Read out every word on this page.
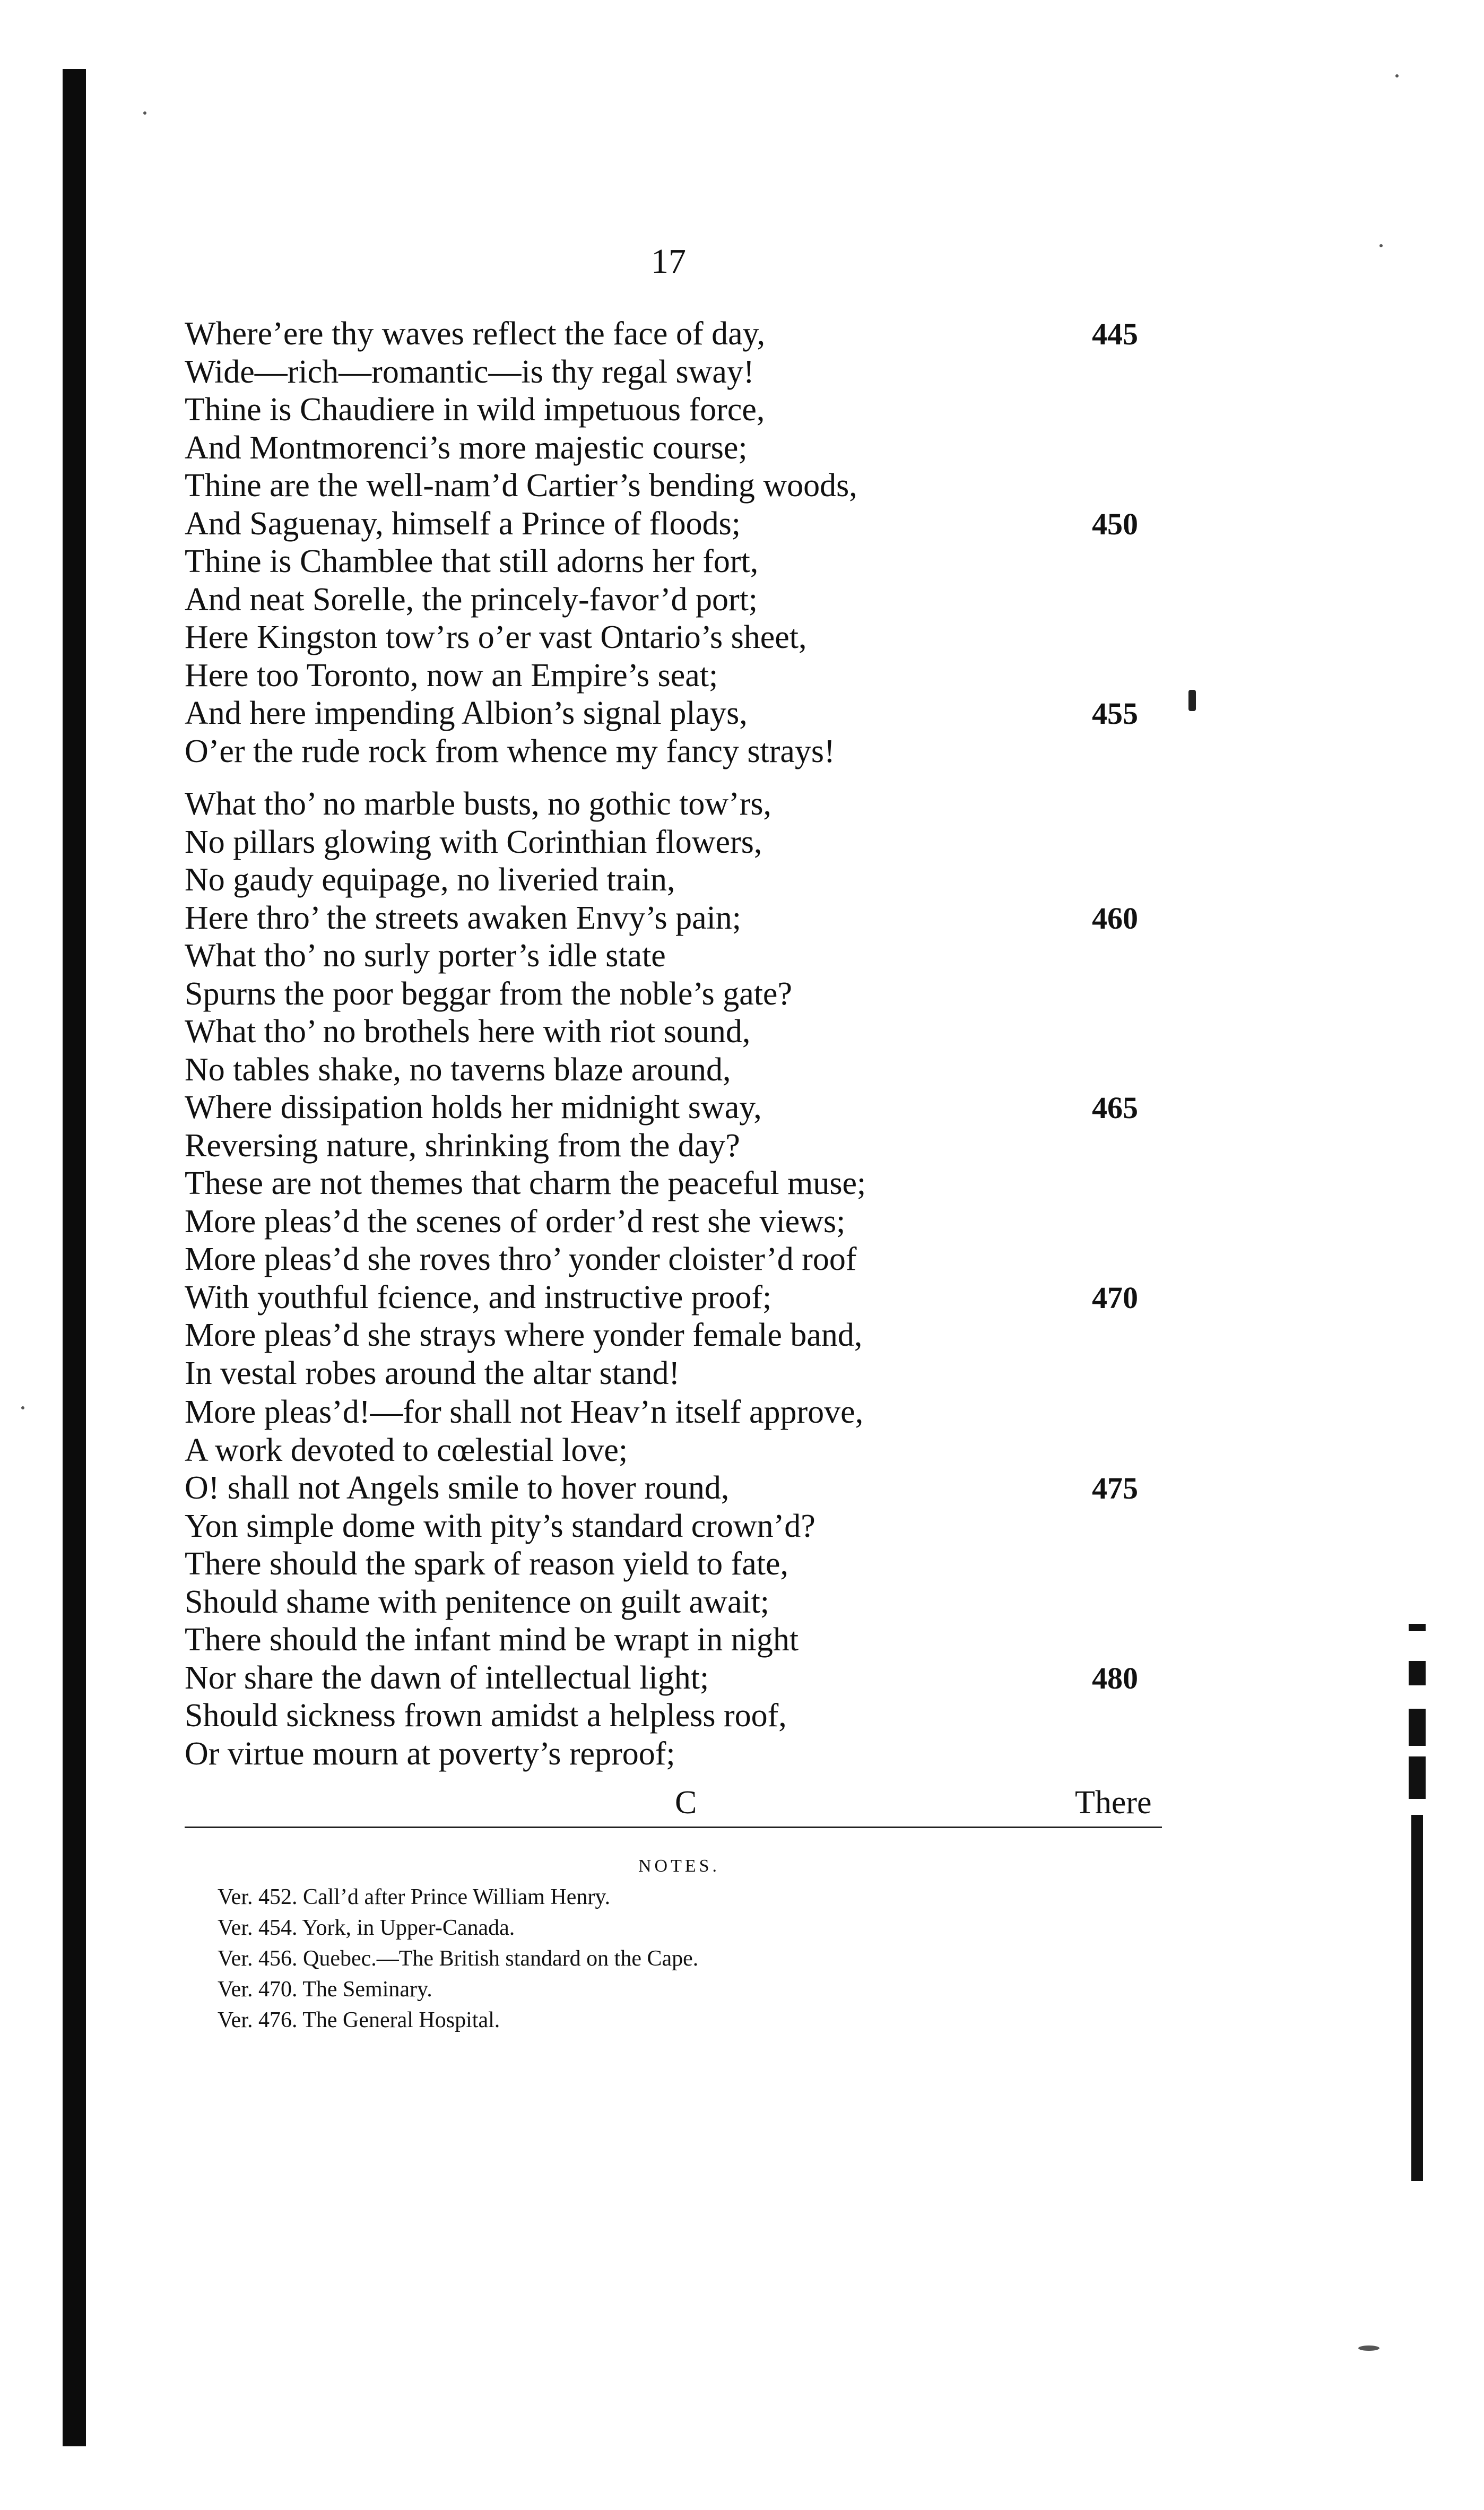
17
Where’ere thy waves reflect the face of day,	445
Wide—rich—romantic—is thy regal sway!
Thine is Chaudiere in wild impetuous force,
And Montmorenci’s more majestic course;
Thine are the well-nam’d Cartier’s bending woods,
And Saguenay, himself a Prince of floods;	450
Thine is Chamblee that still adorns her fort,
And neat Sorelle, the princely-favor’d port;
Here Kingston tow’rs o’er vast Ontario’s sheet,
Here too Toronto, now an Empire’s seat;
And here impending Albion’s signal plays,	455
O’er the rude rock from whence my fancy strays!
What tho’ no marble busts, no gothic tow’rs,
No pillars glowing with Corinthian flowers,
No gaudy equipage, no liveried train,
Here thro’ the streets awaken Envy’s pain;	460
What tho’ no surly porter’s idle state
Spurns the poor beggar from the noble’s gate?
What tho’ no brothels here with riot sound,
No tables shake, no taverns blaze around,
Where dissipation holds her midnight sway,	465
Reversing nature, shrinking from the day?
These are not themes that charm the peaceful muse;
More pleas’d the scenes of order’d rest she views;
More pleas’d she roves thro’ yonder cloister’d roof
With youthful fcience, and instructive proof;	470
More pleas’d she strays where yonder female band,
In vestal robes around the altar stand!
More pleas’d!—for shall not Heav’n itself approve,
A work devoted to cœlestial love;
O! shall not Angels smile to hover round,	475
Yon simple dome with pity’s standard crown’d?
There should the spark of reason yield to fate,
Should shame with penitence on guilt await;
There should the infant mind be wrapt in night
Nor share the dawn of intellectual light;	480
Should sickness frown amidst a helpless roof,
Or virtue mourn at poverty’s reproof;
C	There
NOTES.
Ver. 452. Call’d after Prince William Henry.
Ver. 454. York, in Upper-Canada.
Ver. 456. Quebec.—The British standard on the Cape.
Ver. 470. The Seminary.
Ver. 476. The General Hospital.
